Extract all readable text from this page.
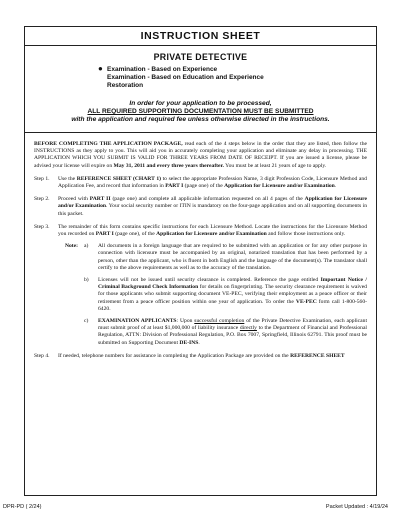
INSTRUCTION SHEET
PRIVATE DETECTIVE
● Examination - Based on Experience
Examination - Based on Education and Experience
Restoration
In order for your application to be processed,
ALL REQUIRED SUPPORTING DOCUMENTATION MUST BE SUBMITTED
with the application and required fee unless otherwise directed in the instructions.
BEFORE COMPLETING THE APPLICATION PACKAGE, read each of the 4 steps below in the order that they are listed, then follow the INSTRUCTIONS as they apply to you. This will aid you in accurately completing your application and eliminate any delay in processing. THE APPLICATION WHICH YOU SUBMIT IS VALID FOR THREE YEARS FROM DATE OF RECEIPT. If you are issued a license, please be advised your license will expire on May 31, 2011 and every three years thereafter. You must be at least 21 years of age to apply.
Step 1.	Use the REFERENCE SHEET (CHART 1) to select the appropriate Profession Name, 3 digit Profession Code, Licensure Method and Application Fee, and record that information in PART I (page one) of the Application for Licensure and/or Examination.
Step 2.	Proceed with PART II (page one) and complete all applicable information requested on all 4 pages of the Application for Licensure and/or Examination. Your social security number or ITIN is mandatory on the four-page application and on all supporting documents in this packet.
Step 3.	The remainder of this form contains specific instructions for each Licensure Method. Locate the instructions for the Licensure Method you recorded on PART I (page one), of the Application for Licensure and/or Examination and follow those instructions only.
Note:	a)	All documents in a foreign language that are required to be submitted with an application or for any other purpose in connection with licensure must be accompanied by an original, notarized translation that has been performed by a person, other than the applicant, who is fluent in both English and the language of the document(s). The translator shall certify to the above requirements as well as to the accuracy of the translation.
b)	Licenses will not be issued until security clearance is completed. Reference the page entitled Important Notice / Criminal Background Check Information for details on fingerprinting. The security clearance requirement is waived for those applicants who submit supporting document VE-PEC, verifying their employment as a peace officer or their retirement from a peace officer position within one year of application. To order the VE-PEC form call 1-800-560-6420.
c)	EXAMINATION APPLICANTS: Upon successful completion of the Private Detective Examination, each applicant must submit proof of at least $1,000,000 of liability insurance directly to the Department of Financial and Professional Regulation, ATTN: Division of Professional Regulation, P.O. Box 7007, Springfield, Illinois 62791. This proof must be submitted on Supporting Document DE-INS.
Step 4.	If needed, telephone numbers for assistance in completing the Application Package are provided on the REFERENCE SHEET
DPR-PD ( 2/24)	Packet Updated : 4/19/24
